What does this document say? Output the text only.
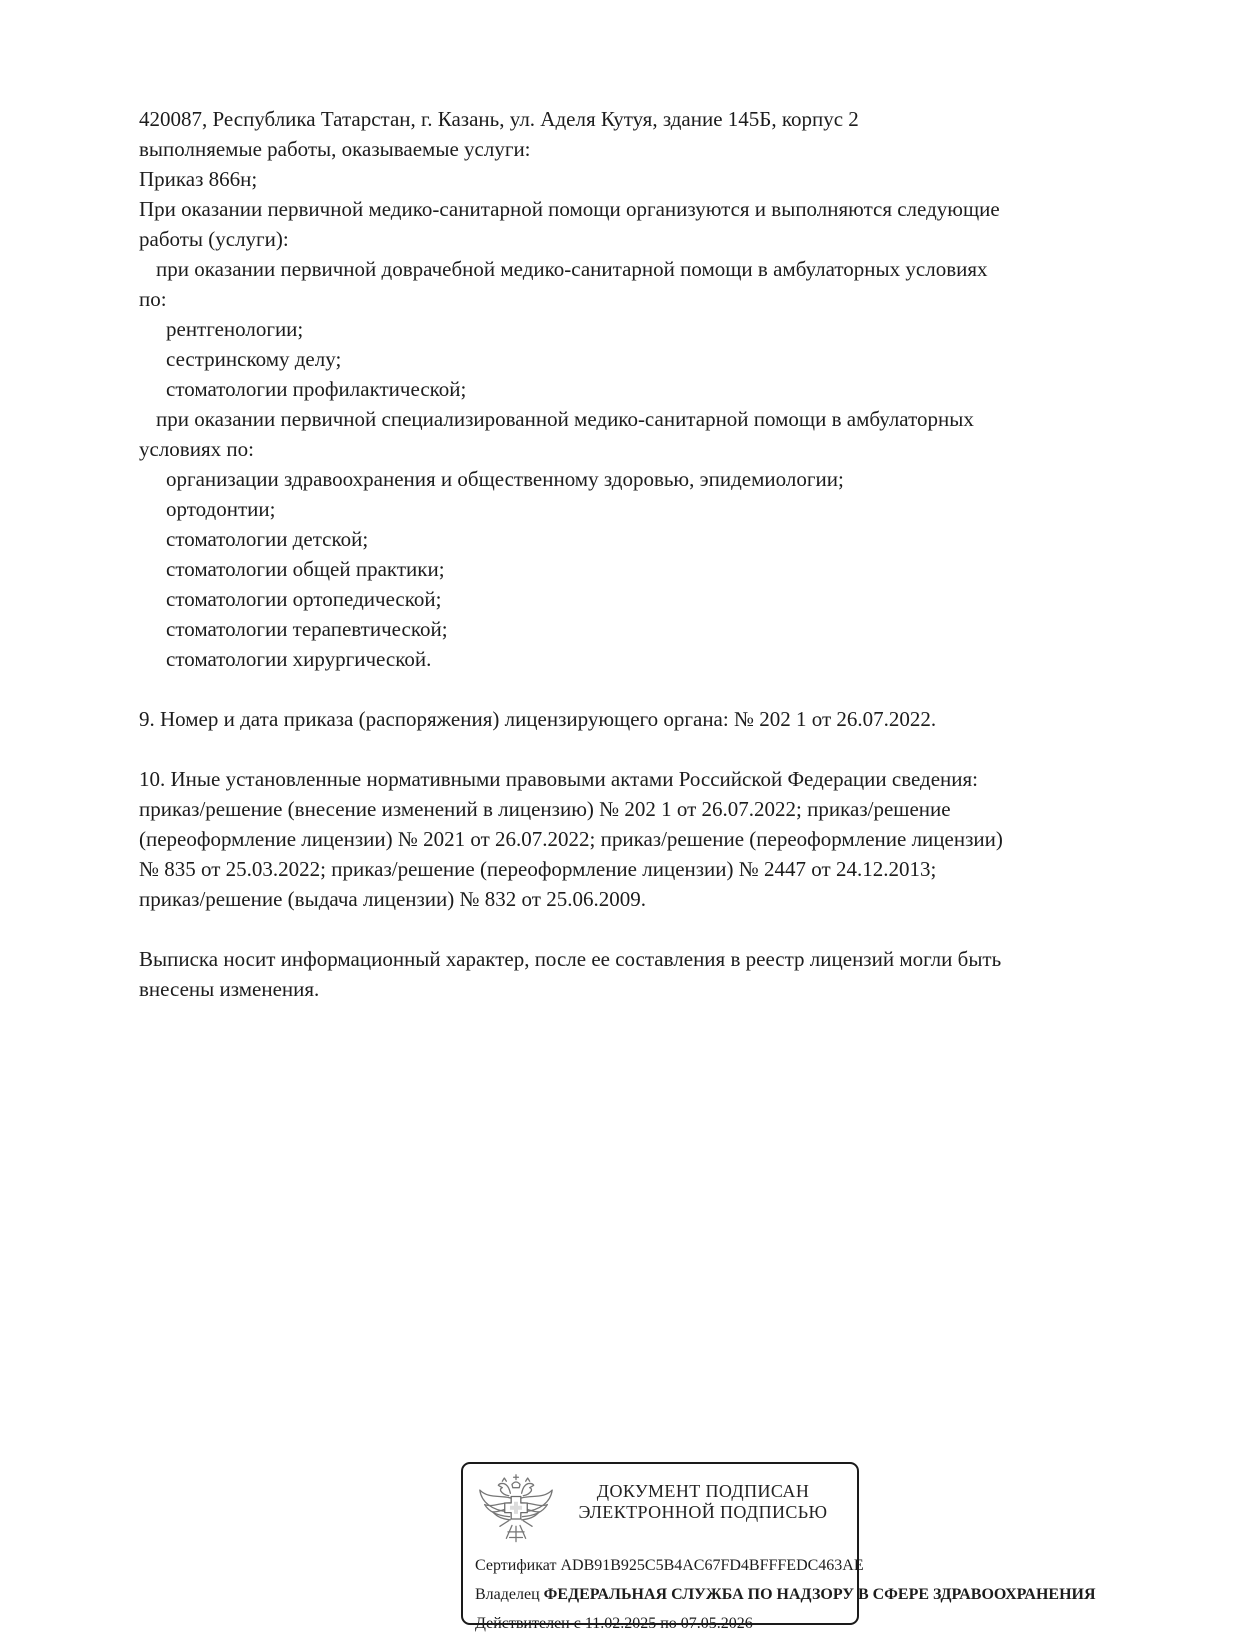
420087, Республика Татарстан, г. Казань, ул. Аделя Кутуя, здание 145Б, корпус 2

выполняемые работы, оказываемые услуги:

Приказ 866н;

При оказании первичной медико-санитарной помощи организуются и выполняются следующие

работы (услуги):

при оказании первичной доврачебной медико-санитарной помощи в амбулаторных условиях

по:

рентгенологии;

сестринскому делу;

стоматологии профилактической;

при оказании первичной специализированной медико-санитарной помощи в амбулаторных

условиях по:

организации здравоохранения и общественному здоровью, эпидемиологии;

ортодонтии;

стоматологии детской;

стоматологии общей практики;

стоматологии ортопедической;

стоматологии терапевтической;

стоматологии хирургической.

9. Номер и дата приказа (распоряжения) лицензирующего органа: № 202 1 от 26.07.2022.

10. Иные установленные нормативными правовыми актами Российской Федерации сведения:

приказ/решение (внесение изменений в лицензию) № 202 1 от 26.07.2022; приказ/решение

(переоформление лицензии) № 2021 от 26.07.2022; приказ/решение (переоформление лицензии)

№ 835 от 25.03.2022; приказ/решение (переоформление лицензии) № 2447 от 24.12.2013;

приказ/решение (выдача лицензии) № 832 от 25.06.2009.

Выписка носит информационный характер, после ее составления в реестр лицензий могли быть

внесены изменения.

ДОКУМЕНТ ПОДПИСАН
ЭЛЕКТРОННОЙ ПОДПИСЬЮ
Сертификат ADB91B925C5B4AC67FD4BFFFEDC463AE
Владелец ФЕДЕРАЛЬНАЯ СЛУЖБА ПО НАДЗОРУ В СФЕРЕ ЗДРАВООХРАНЕНИЯ
Действителен с 11.02.2025 по 07.05.2026
